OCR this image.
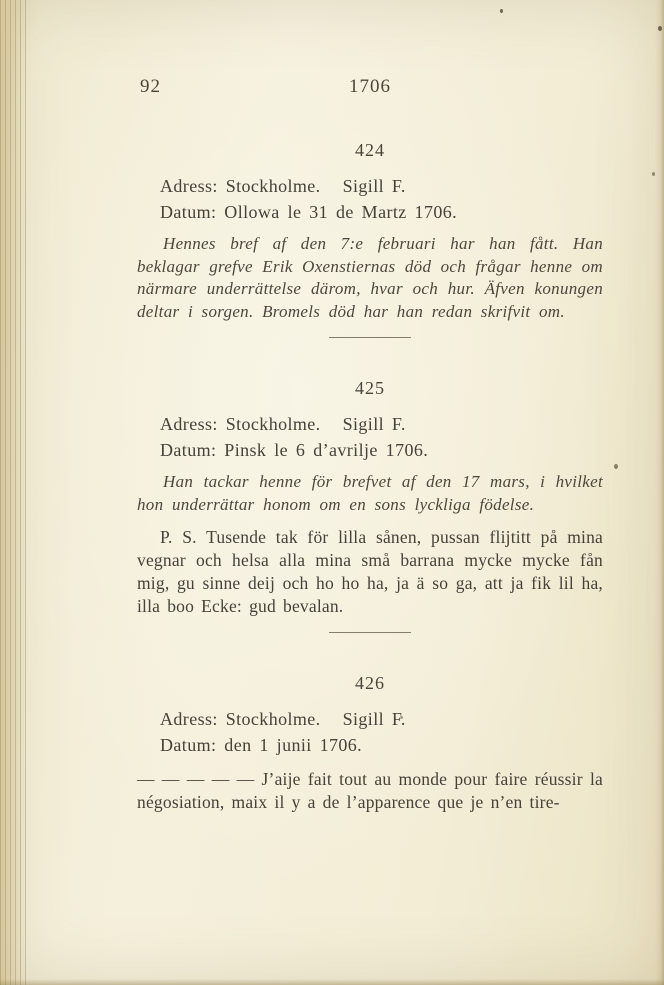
92	1706
424

Adress: Stockholme. Sigill F.

Datum: Ollowa le 31 de Martz 1706.

Hennes bref af den 7:e februari har han fått. Han beklagar grefve Erik Oxenstiernas död och frågar henne om närmare underrättelse därom, hvar och hur. Äfven konungen deltar i sorgen. Bromels död har han redan skrifvit om.

425

Adress: Stockholme. Sigill F.

Datum: Pinsk le 6 d’avrilje 1706.

Han tackar henne för brefvet af den 17 mars, i hvilket hon underrättar honom om en sons lyckliga födelse.

P. S. Tusende tak för lilla sånen, pussan flijtitt på mina vegnar och helsa alla mina små barrana mycke mycke fån mig, gu sinne deij och ho ho ha, ja ä so ga, att ja fik lil ha, illa boo Ecke: gud bevalan.

426

Adress: Stockholme. Sigill F.

Datum: den 1 junii 1706.

— — — — — J’aije fait tout au monde pour faire réussir la négosiation, maix il y a de l’apparence que je n’en tire-
